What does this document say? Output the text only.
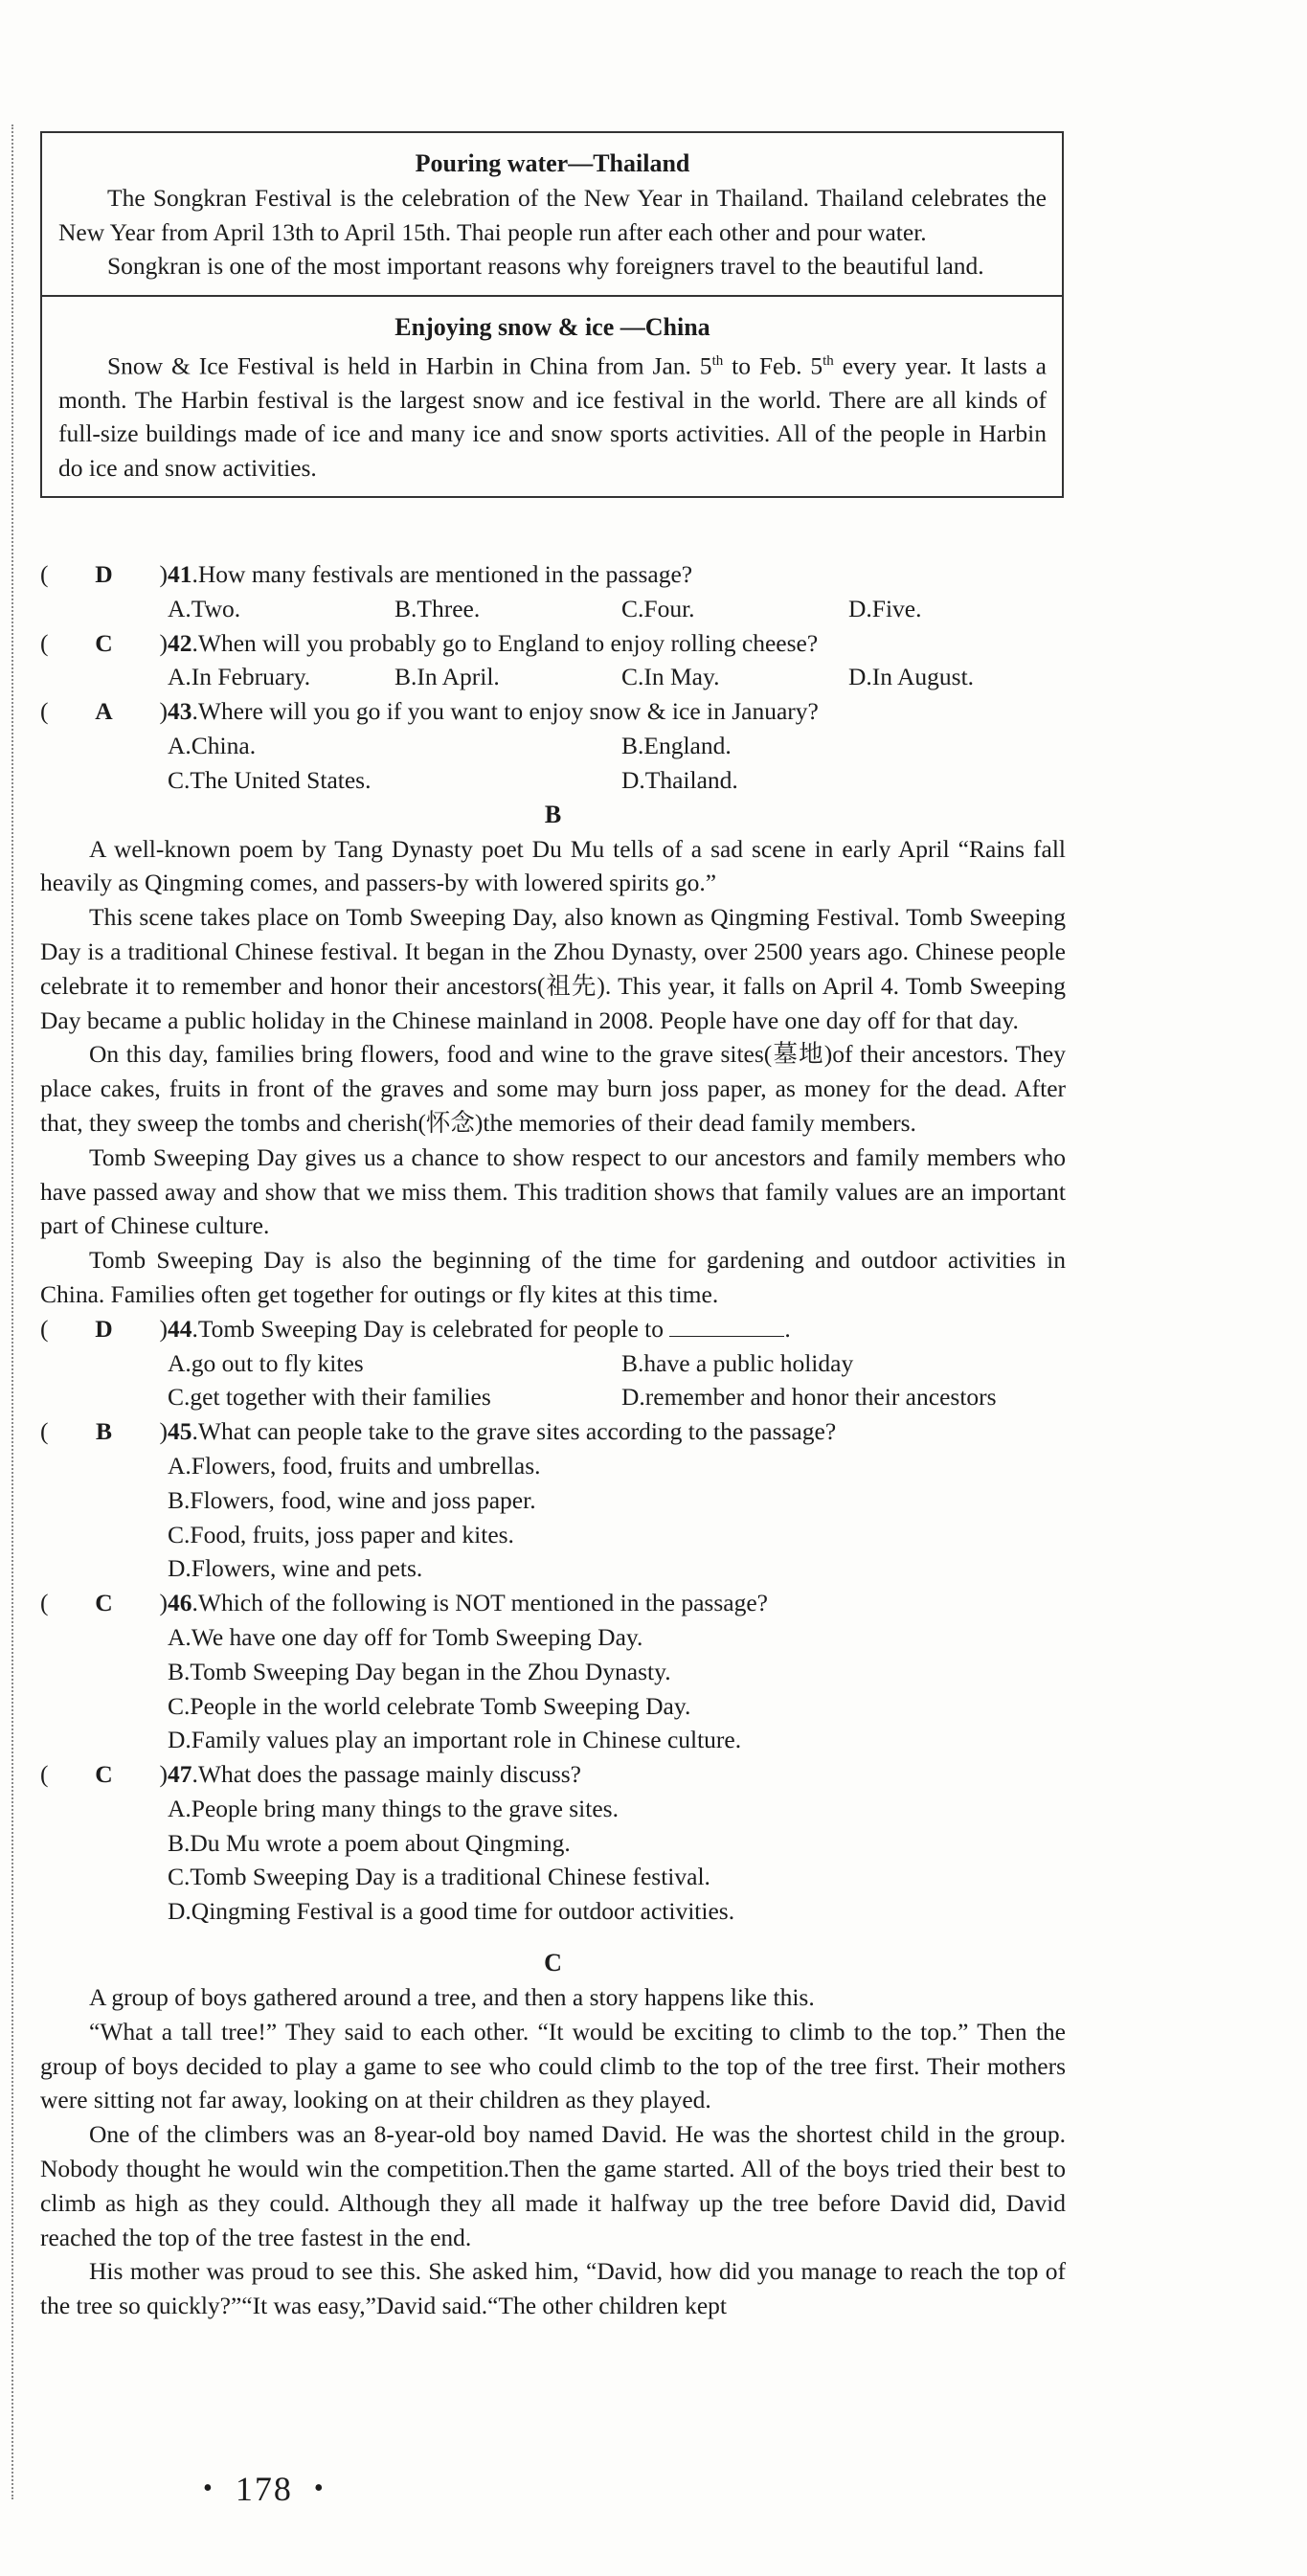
Pouring water—Thailand

The Songkran Festival is the celebration of the New Year in Thailand. Thailand celebrates the New Year from April 13th to April 15th. Thai people run after each other and pour water.

Songkran is one of the most important reasons why foreigners travel to the beautiful land.

Enjoying snow & ice —China

Snow & Ice Festival is held in Harbin in China from Jan. 5th to Feb. 5th every year. It lasts a month. The Harbin festival is the largest snow and ice festival in the world. There are all kinds of full-size buildings made of ice and many ice and snow sports activities. All of the people in Harbin do ice and snow activities.

( D ) 41.How many festivals are mentioned in the passage?
A.Two.	B.Three.	C.Four.	D.Five.
( C ) 42.When will you probably go to England to enjoy rolling cheese?
A.In February.	B.In April.	C.In May.	D.In August.
( A ) 43.Where will you go if you want to enjoy snow & ice in January?
A.China.	B.England.
C.The United States.	D.Thailand.
B

A well-known poem by Tang Dynasty poet Du Mu tells of a sad scene in early April “Rains fall heavily as Qingming comes, and passers-by with lowered spirits go.”

This scene takes place on Tomb Sweeping Day, also known as Qingming Festival. Tomb Sweeping Day is a traditional Chinese festival. It began in the Zhou Dynasty, over 2500 years ago. Chinese people celebrate it to remember and honor their ancestors(祖先). This year, it falls on April 4. Tomb Sweeping Day became a public holiday in the Chinese mainland in 2008. People have one day off for that day.

On this day, families bring flowers, food and wine to the grave sites(墓地)of their ancestors. They place cakes, fruits in front of the graves and some may burn joss paper, as money for the dead. After that, they sweep the tombs and cherish(怀念)the memories of their dead family members.

Tomb Sweeping Day gives us a chance to show respect to our ancestors and family members who have passed away and show that we miss them. This tradition shows that family values are an important part of Chinese culture.

Tomb Sweeping Day is also the beginning of the time for gardening and outdoor activities in China. Families often get together for outings or fly kites at this time.

( D ) 44.Tomb Sweeping Day is celebrated for people to	.
A.go out to fly kites	B.have a public holiday
C.get together with their families	D.remember and honor their ancestors
( B ) 45.What can people take to the grave sites according to the passage?
A.Flowers, food, fruits and umbrellas.
B.Flowers, food, wine and joss paper.
C.Food, fruits, joss paper and kites.
D.Flowers, wine and pets.
( C ) 46.Which of the following is NOT mentioned in the passage?
A.We have one day off for Tomb Sweeping Day.
B.Tomb Sweeping Day began in the Zhou Dynasty.
C.People in the world celebrate Tomb Sweeping Day.
D.Family values play an important role in Chinese culture.
( C ) 47.What does the passage mainly discuss?
A.People bring many things to the grave sites.
B.Du Mu wrote a poem about Qingming.
C.Tomb Sweeping Day is a traditional Chinese festival.
D.Qingming Festival is a good time for outdoor activities.
C

A group of boys gathered around a tree, and then a story happens like this.

“What a tall tree!” They said to each other. “It would be exciting to climb to the top.” Then the group of boys decided to play a game to see who could climb to the top of the tree first. Their mothers were sitting not far away, looking on at their children as they played.

One of the climbers was an 8-year-old boy named David. He was the shortest child in the group. Nobody thought he would win the competition.Then the game started. All of the boys tried their best to climb as high as they could. Although they all made it halfway up the tree before David did, David reached the top of the tree fastest in the end.

His mother was proud to see this. She asked him, “David, how did you manage to reach the top of the tree so quickly?”“It was easy,”David said.“The other children kept

• 178 •
